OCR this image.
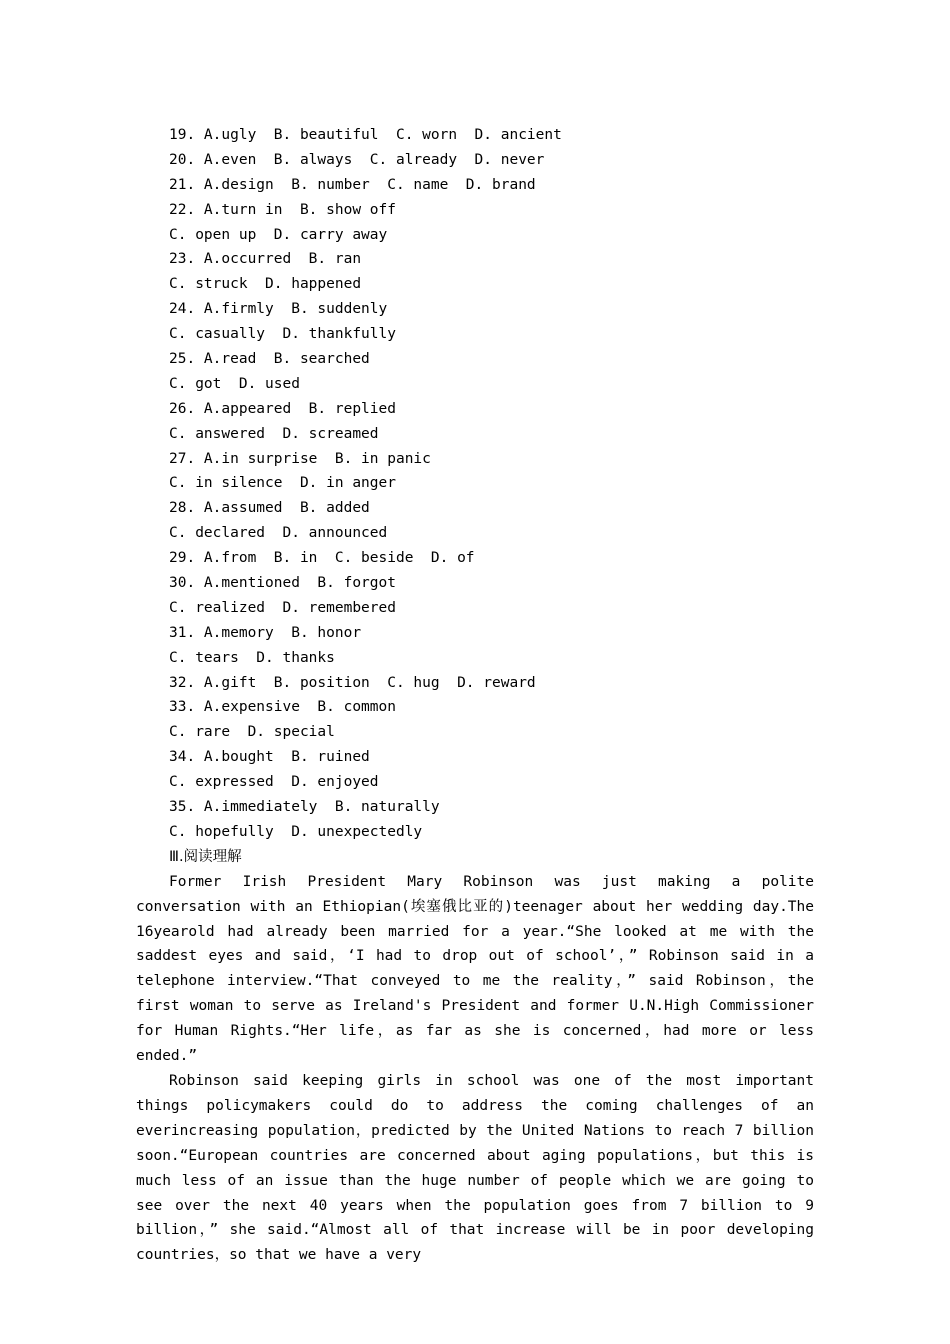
19. A.ugly  B. beautiful  C. worn  D. ancient
20. A.even  B. always  C. already  D. never
21. A.design  B. number  C. name  D. brand
22. A.turn in  B. show off
C. open up  D. carry away
23. A.occurred  B. ran
C. struck  D. happened
24. A.firmly  B. suddenly
C. casually  D. thankfully
25. A.read  B. searched
C. got  D. used
26. A.appeared  B. replied
C. answered  D. screamed
27. A.in surprise  B. in panic
C. in silence  D. in anger
28. A.assumed  B. added
C. declared  D. announced
29. A.from  B. in  C. beside  D. of
30. A.mentioned  B. forgot
C. realized  D. remembered
31. A.memory  B. honor
C. tears  D. thanks
32. A.gift  B. position  C. hug  D. reward
33. A.expensive  B. common
C. rare  D. special
34. A.bought  B. ruined
C. expressed  D. enjoyed
35. A.immediately  B. naturally
C. hopefully  D. unexpectedly
Ⅲ.阅读理解

Former Irish President Mary Robinson was just making a polite conversation with an Ethiopian(埃塞俄比亚的)teenager about her wedding day.The 16yearold had already been married for a year.“She looked at me with the saddest eyes and said，‘I had to drop out of school’，” Robinson said in a telephone interview.“That conveyed to me the reality，” said Robinson，the first woman to serve as Ireland's President and former U.N.High Commissioner for Human Rights.“Her life，as far as she is concerned，had more or less ended.”

Robinson said keeping girls in school was one of the most important things policymakers could do to address the coming challenges of an everincreasing population，predicted by the United Nations to reach 7 billion soon.“European countries are concerned about aging populations，but this is much less of an issue than the huge number of people which we are going to see over the next 40 years when the population goes from 7 billion to 9 billion，” she said.“Almost all of that increase will be in poor developing countries，so that we have a very
